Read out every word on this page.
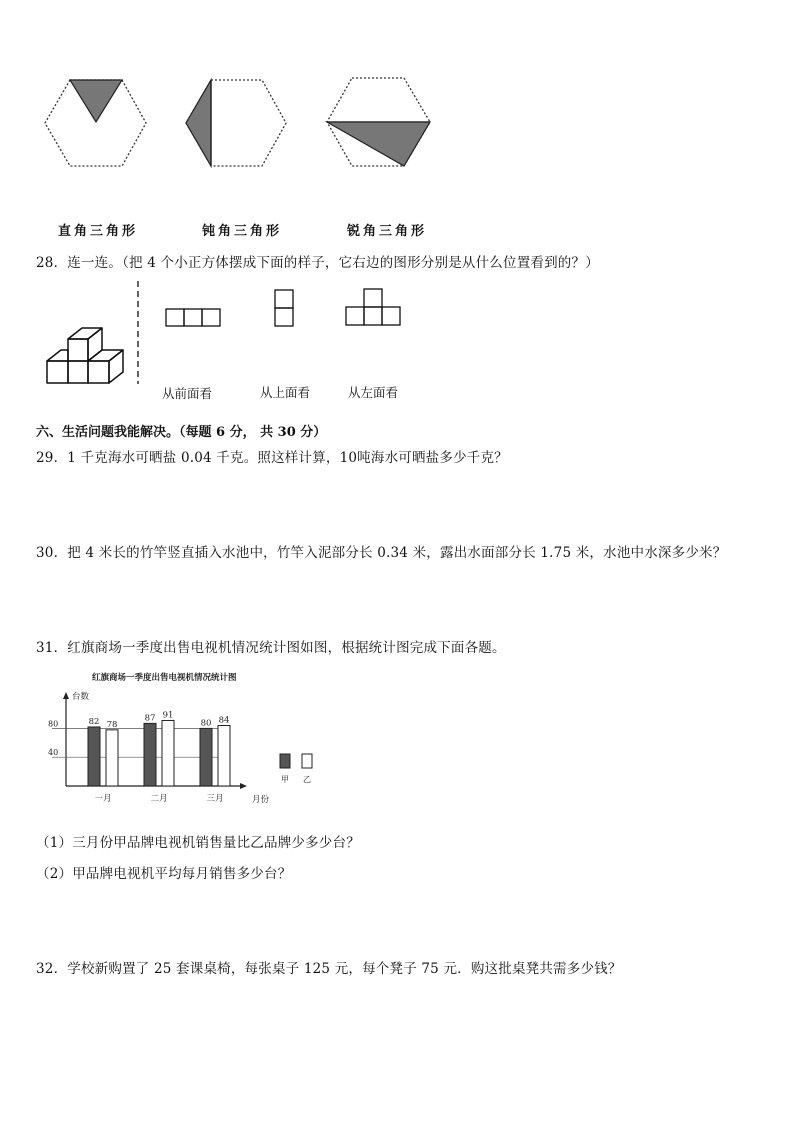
直角三角形	钝角三角形	锐角三角形
28．连一连。（把 4 个小正方体摆成下面的样子，它右边的图形分别是从什么位置看到的？）
从前面看	从上面看	从左面看
六、生活问题我能解决。（每题 6 分， 共 30 分）
29．1 千克海水可晒盐 0.04 千克。照这样计算，10吨海水可晒盐多少千克？
30．把 4 米长的竹竿竖直插入水池中，竹竿入泥部分长 0.34 米，露出水面部分长 1.75 米，水池中水深多少米？
31．红旗商场一季度出售电视机情况统计图如图，根据统计图完成下面各题。
红旗商场一季度出售电视机情况统计图
台数
月份
40
80	82 78
一月
87 91
二月
80 84
三月
甲 乙
（1）三月份甲品牌电视机销售量比乙品牌少多少台？
（2）甲品牌电视机平均每月销售多少台？
32．学校新购置了 25 套课桌椅，每张桌子 125 元，每个凳子 75 元．购这批桌凳共需多少钱？
